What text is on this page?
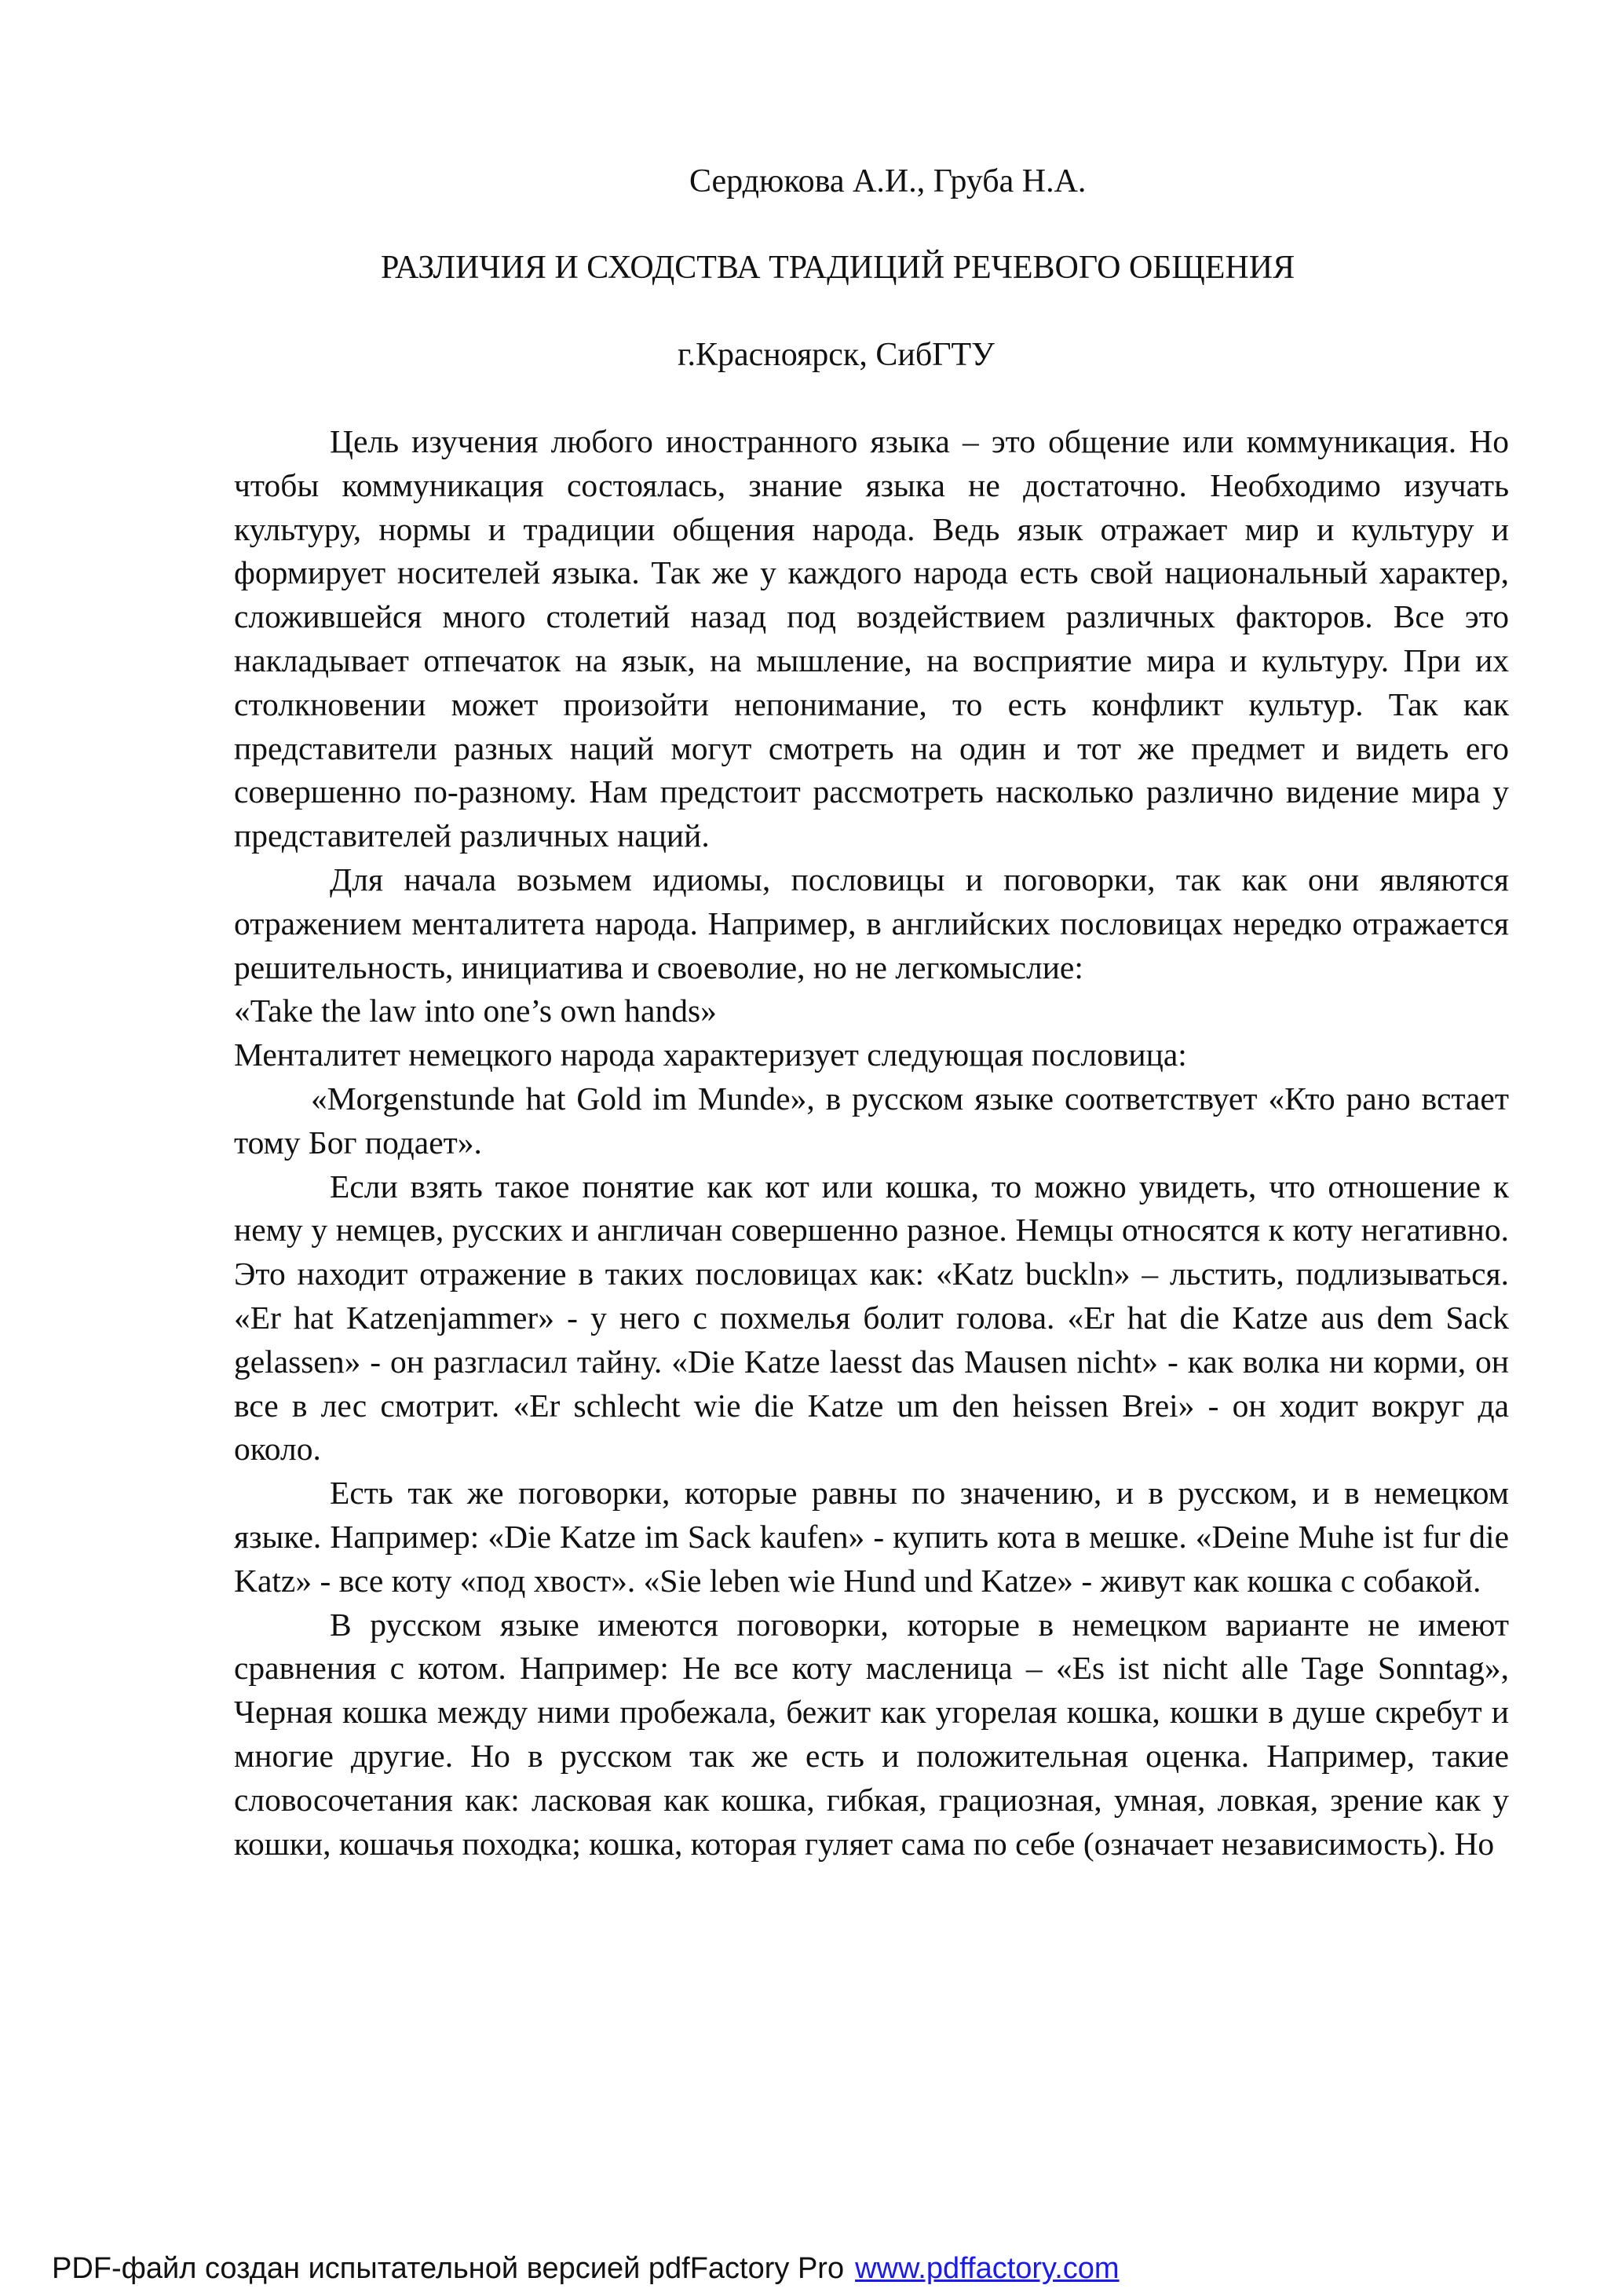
Сердюкова А.И., Груба Н.А.
РАЗЛИЧИЯ И СХОДСТВА ТРАДИЦИЙ РЕЧЕВОГО ОБЩЕНИЯ
г.Красноярск, СибГТУ

Цель изучения любого иностранного языка – это общение или коммуникация. Но чтобы коммуникация состоялась, знание языка не достаточно. Необходимо изучать культуру, нормы и традиции общения народа. Ведь язык отражает мир и культуру и формирует носителей языка. Так же у каждого народа есть свой национальный характер, сложившейся много столетий назад под воздействием различных факторов. Все это накладывает отпечаток на язык, на мышление, на восприятие мира и культуру. При их столкновении может произойти непонимание, то есть конфликт культур. Так как представители разных наций могут смотреть на один и тот же предмет и видеть его совершенно по-разному. Нам предстоит рассмотреть насколько различно видение мира у представителей различных наций.

Для начала возьмем идиомы, пословицы и поговорки, так как они являются отражением менталитета народа. Например, в английских пословицах нередко отражается решительность, инициатива и своеволие, но не легкомыслие:

«Take the law into one’s own hands»

Менталитет немецкого народа характеризует следующая пословица:

«Morgenstunde hat Gold im Munde», в русском языке соответствует «Кто рано встает тому Бог подает».

Если взять такое понятие как кот или кошка, то можно увидеть, что отношение к нему у немцев, русских и англичан совершенно разное. Немцы относятся к коту негативно. Это находит отражение в таких пословицах как: «Katz buckln» – льстить, подлизываться. «Er hat Katzenjammer» - у него с похмелья болит голова. «Er hat die Katze aus dem Sack gelassen» - он разгласил тайну. «Die Katze laesst das Mausen nicht» - как волка ни корми, он все в лес смотрит. «Er schlecht wie die Katze um den heissen Brei» - он ходит вокруг да около.

Есть так же поговорки, которые равны по значению, и в русском, и в немецком языке. Например: «Die Katze im Sack kaufen» - купить кота в мешке. «Deine Muhe ist fur die Katz» - все коту «под хвост». «Sie leben wie Hund und Katze» - живут как кошка с собакой.

В русском языке имеются поговорки, которые в немецком варианте не имеют сравнения с котом. Например: Не все коту масленица – «Es ist nicht alle Tage Sonntag», Черная кошка между ними пробежала, бежит как угорелая кошка, кошки в душе скребут и многие другие. Но в русском так же есть и положительная оценка. Например, такие словосочетания как: ласковая как кошка, гибкая, грациозная, умная, ловкая, зрение как у кошки, кошачья походка; кошка, которая гуляет сама по себе (означает независимость). Но

PDF-файл создан испытательной версией pdfFactory Pro www.pdffactory.com
